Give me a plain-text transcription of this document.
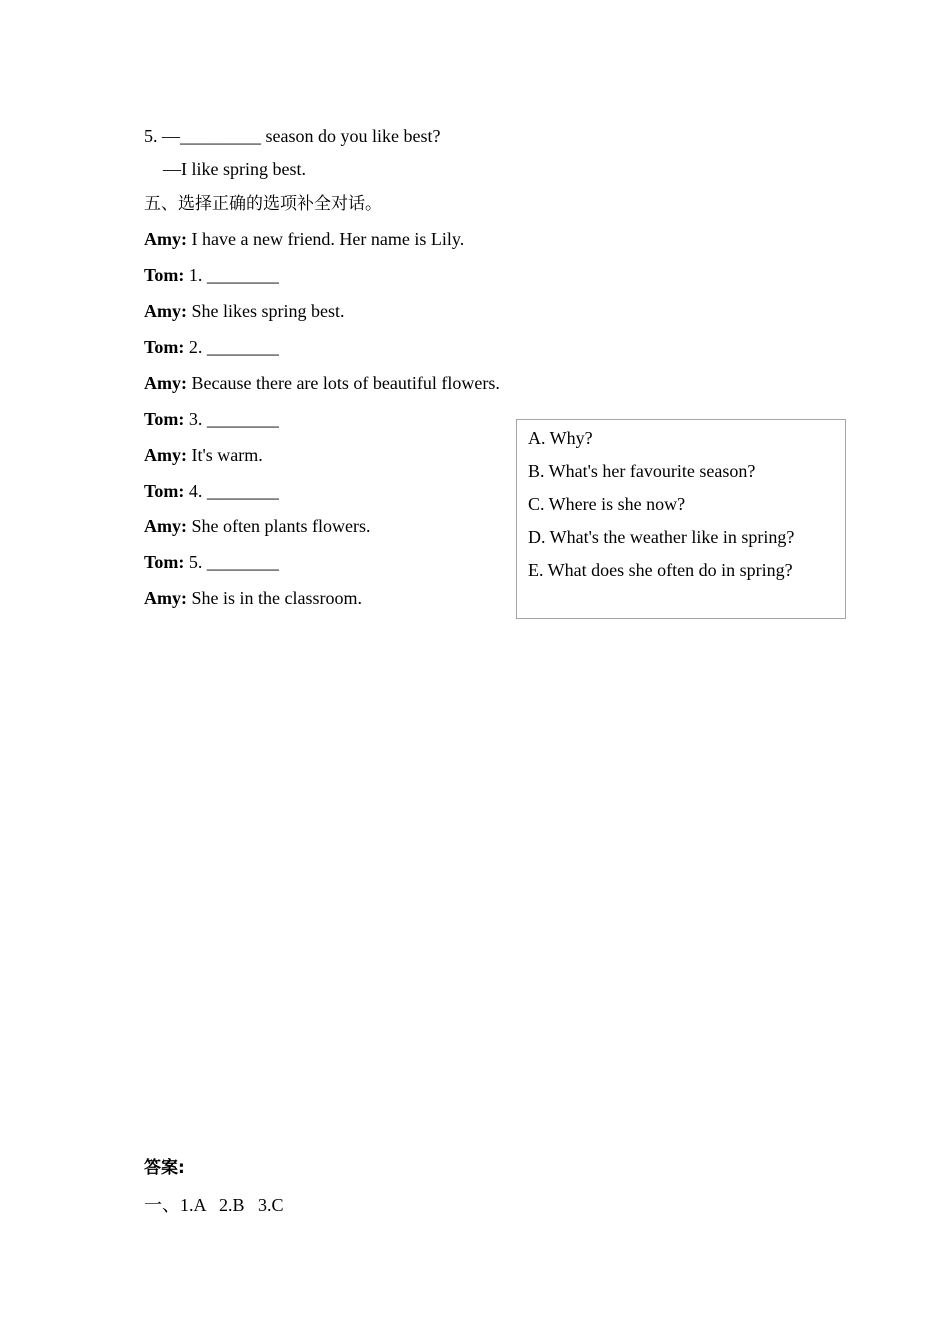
5. —_________ season do you like best?
—I like spring best.
五、选择正确的选项补全对话。
Amy: I have a new friend. Her name is Lily.
Tom: 1. ________
Amy: She likes spring best.
Tom: 2. ________
Amy: Because there are lots of beautiful flowers.
Tom: 3. ________
Amy: It's warm.
Tom: 4. ________
Amy: She often plants flowers.
Tom: 5. ________
Amy: She is in the classroom.
A. Why?
B. What's her favourite season?
C. Where is she now?
D. What's the weather like in spring?
E. What does she often do in spring?
答案:
一、1.A   2.B   3.C
